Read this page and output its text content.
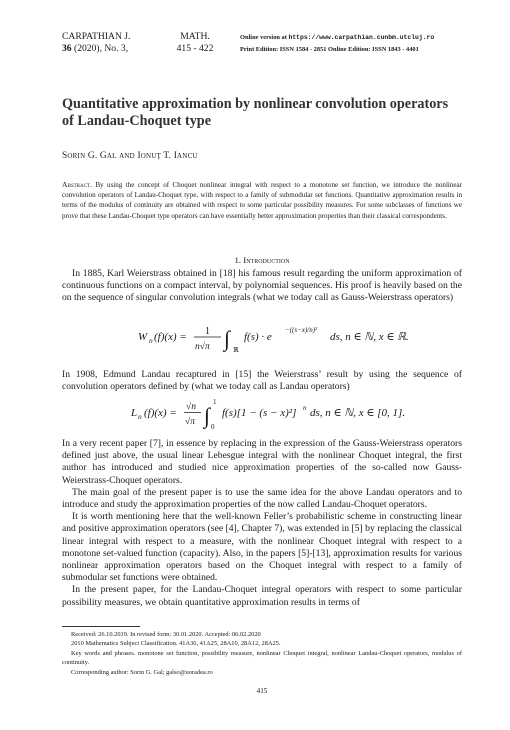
CARPATHIAN J.
36 (2020), No. 3,
MATH.
415 - 422
Online version at https://www.carpathian.cunbm.utcluj.ro
Print Edition: ISSN 1584 - 2851 Online Edition: ISSN 1843 - 4401
Quantitative approximation by nonlinear convolution operators of Landau-Choquet type
Sorin G. Gal and Ionuţ T. Iancu
Abstract. By using the concept of Choquet nonlinear integral with respect to a monotone set function, we introduce the nonlinear convolution operators of Landau-Choquet type, with respect to a family of submodular set functions. Quantitative approximation results in terms of the modulus of continuity are obtained with respect to some particular possibility measures. For some subclasses of functions we prove that these Landau-Choquet type operators can have essentially better approximation properties than their classical correspondents.
1. Introduction

In 1885, Karl Weierstrass obtained in [18] his famous result regarding the uniform approximation of continuous functions on a compact interval, by polynomial sequences. His proof is heavily based on the on the sequence of singular convolution integrals (what we today call as Gauss-Weierstrass operators)

W n (f)(x) = 1
n√π ∫ ℝ
f(s) · e
−((s−x)/n)²
ds, n ∈ ℕ, x ∈ ℝ.

In 1908, Edmund Landau recaptured in [15] the Weierstrass’ result by using the sequence of convolution operators defined by (what we today call as Landau operators)

L n (f)(x) = √n
√π ∫
1
0
f(s)[1 − (s − x)²] n ds, n ∈ ℕ, x ∈ [0, 1].

In a very recent paper [7], in essence by replacing in the expression of the Gauss-Weierstrass operators defined just above, the usual linear Lebesgue integral with the nonlinear Choquet integral, the first author has introduced and studied nice approximation properties of the so-called now Gauss-Weierstrass-Choquet operators.

The main goal of the present paper is to use the same idea for the above Landau operators and to introduce and study the approximation properties of the now called Landau-Choquet operators.

It is worth mentioning here that the well-known Feller’s probabilistic scheme in constructing linear and positive approximation operators (see [4], Chapter 7), was extended in [5] by replacing the classical linear integral with respect to a measure, with the nonlinear Choquet integral with respect to a monotone set-valued function (capacity). Also, in the papers [5]-[13], approximation results for various nonlinear approximation operators based on the Choquet integral with respect to a family of submodular set functions were obtained.

In the present paper, for the Landau-Choquet integral operators with respect to some particular possibility measures, we obtain quantitative approximation results in terms of

Received: 26.10.2019. In revised form: 30.01.2020. Accepted: 06.02.2020

2010 Mathematics Subject Classification. 41A36, 41A25, 28A10, 28A12, 28A25.

Key words and phrases. monotone set function, possibility measure, nonlinear Choquet integral, nonlinear Landau-Choquet operators, modulus of continuity.

Corresponding author: Sorin G. Gal; galso@uoradea.ro

415
